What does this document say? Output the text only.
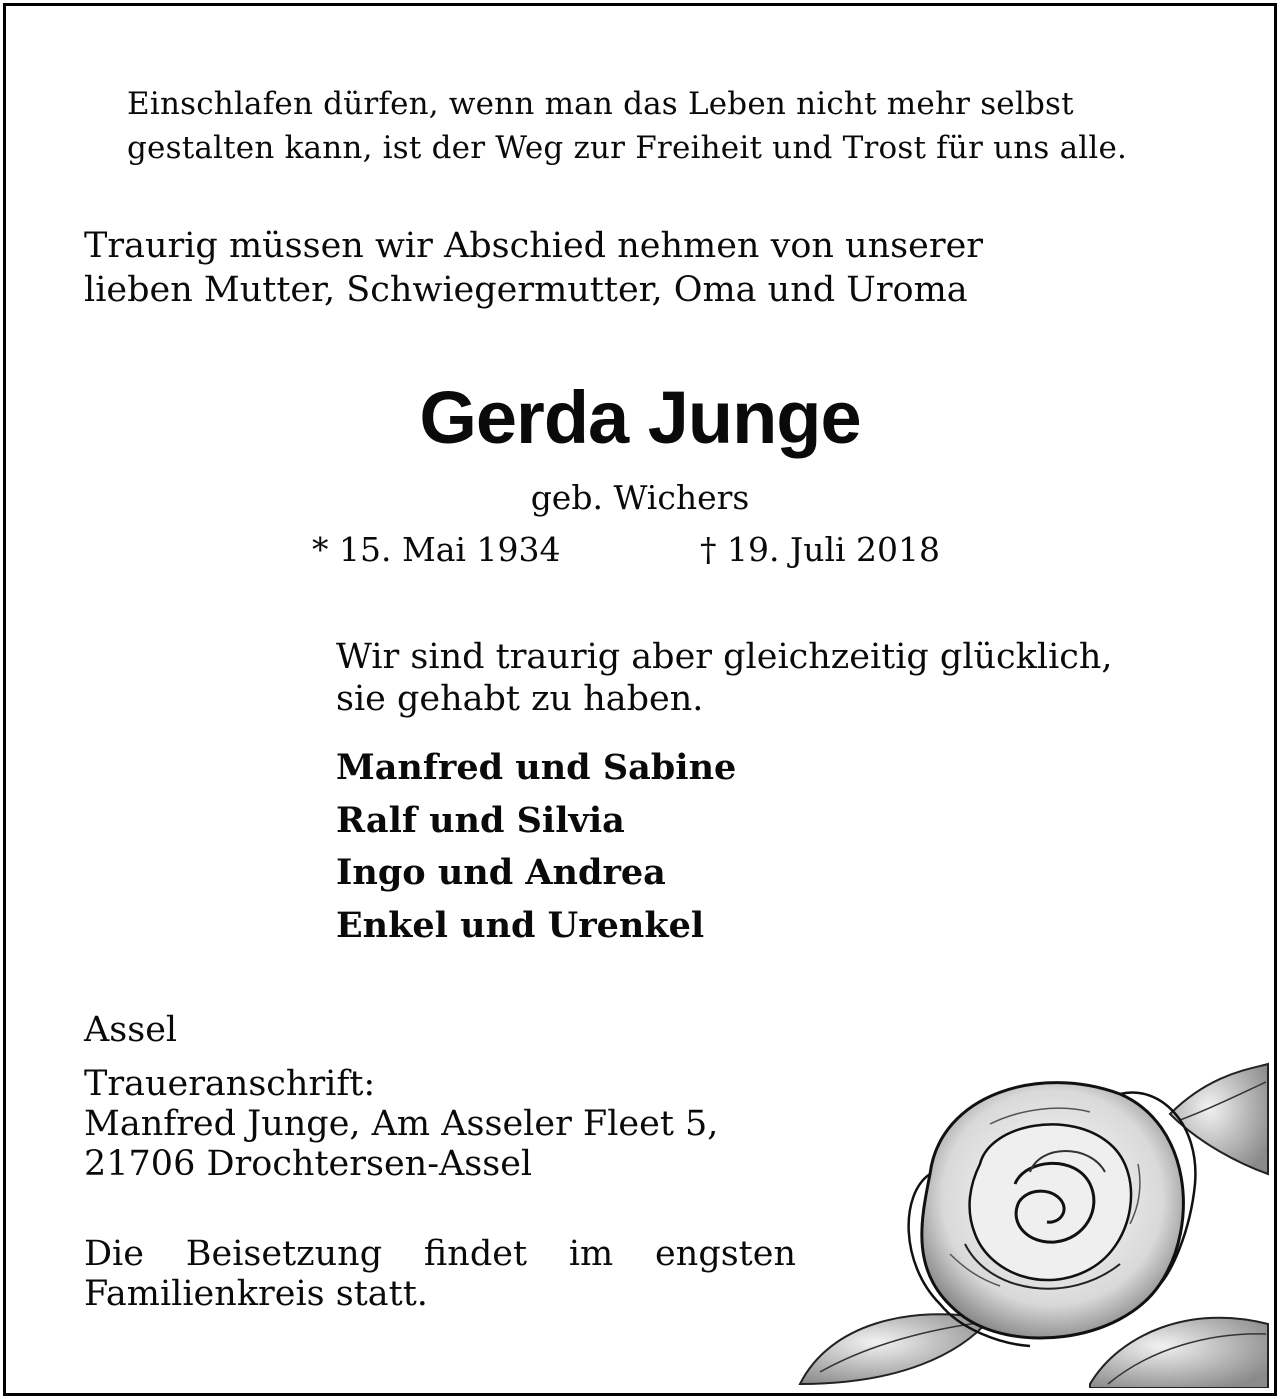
Einschlafen dürfen, wenn man das Leben nicht mehr selbst
gestalten kann, ist der Weg zur Freiheit und Trost für uns alle.

Traurig müssen wir Abschied nehmen von unserer
lieben Mutter, Schwiegermutter, Oma und Uroma

Gerda Junge

geb. Wichers

* 15. Mai 1934	† 19. Juli 2018

Wir sind traurig aber gleichzeitig glücklich,
sie gehabt zu haben.

Manfred und Sabine
Ralf und Silvia
Ingo und Andrea
Enkel und Urenkel

Assel

Traueranschrift:
Manfred Junge, Am Asseler Fleet 5,
21706 Drochtersen-Assel

Die Beisetzung findet im engsten
Familienkreis statt.
